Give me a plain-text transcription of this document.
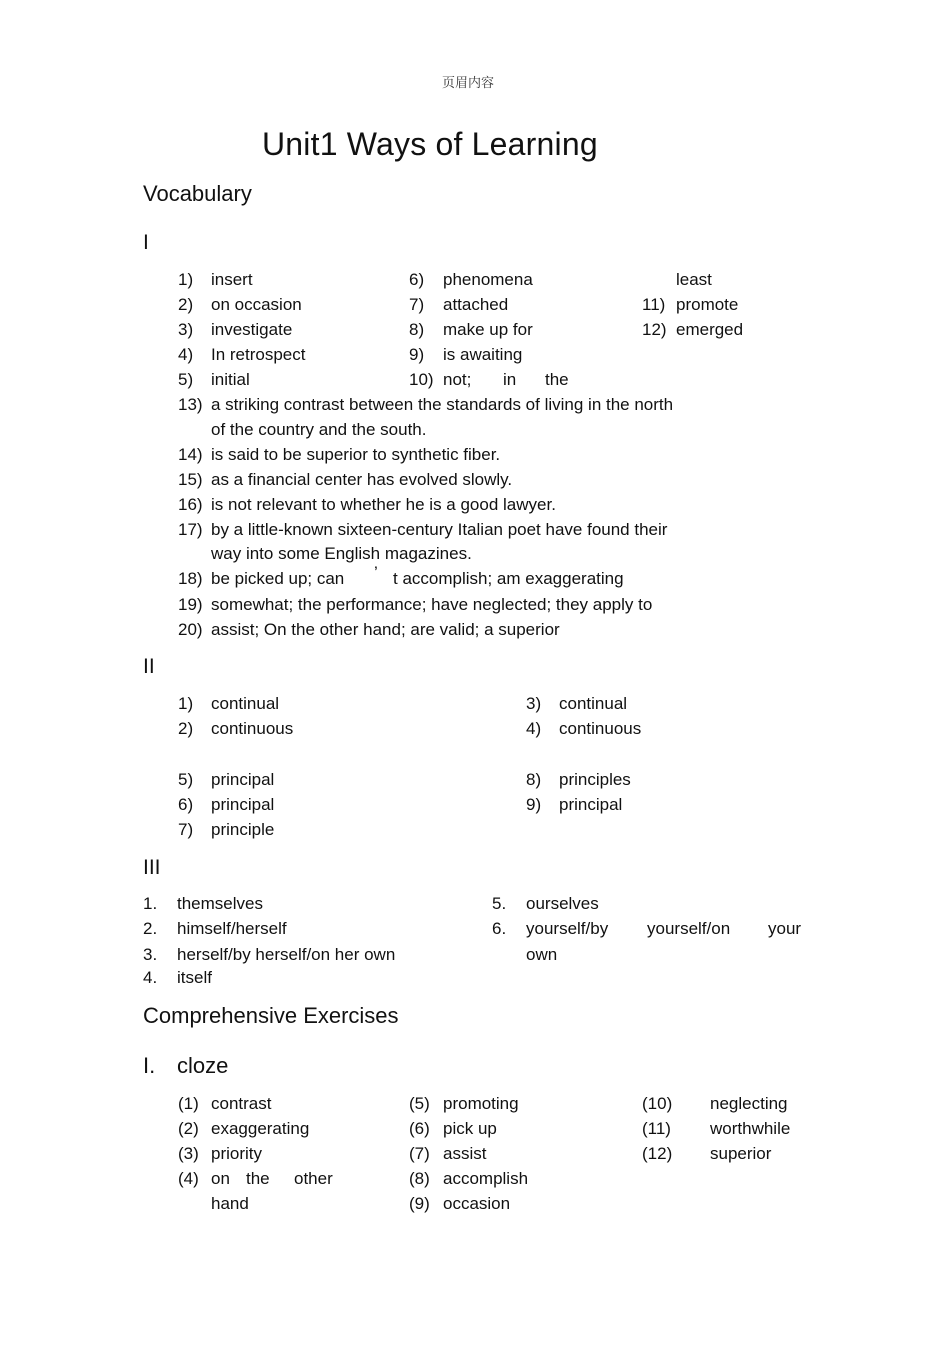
页眉内容
Unit1 Ways of Learning
Vocabulary
I
1) insert
2) on occasion
3) investigate
4) In retrospect
5) initial
6) phenomena
7) attached
8) make up for
9) is awaiting
10) not; in the
least
11) promote
12) emerged
13) a striking contrast between the standards of living in the north
of the country and the south.
14) is said to be superior to synthetic fiber.
15) as a financial center has evolved slowly.
16) is not relevant to whether he is a good lawyer.
17) by a little-known sixteen-century Italian poet have found their
way into some English magazines.
18) be picked up; can ’ t accomplish; am exaggerating
19) somewhat; the performance; have neglected; they apply to
20) assist; On the other hand; are valid; a superior
II
1) continual
2) continuous
5) principal
6) principal
7) principle
3) continual
4) continuous
8) principles
9) principal
III
1. themselves
2. himself/herself
3. herself/by herself/on her own
4. itself
5. ourselves
6. yourself/by yourself/on your
own
Comprehensive Exercises
I. cloze
(1) contrast
(2) exaggerating
(3) priority
(4) on the other
hand
(5) promoting
(6) pick up
(7) assist
(8) accomplish
(9) occasion
(10) neglecting
(11) worthwhile
(12) superior
